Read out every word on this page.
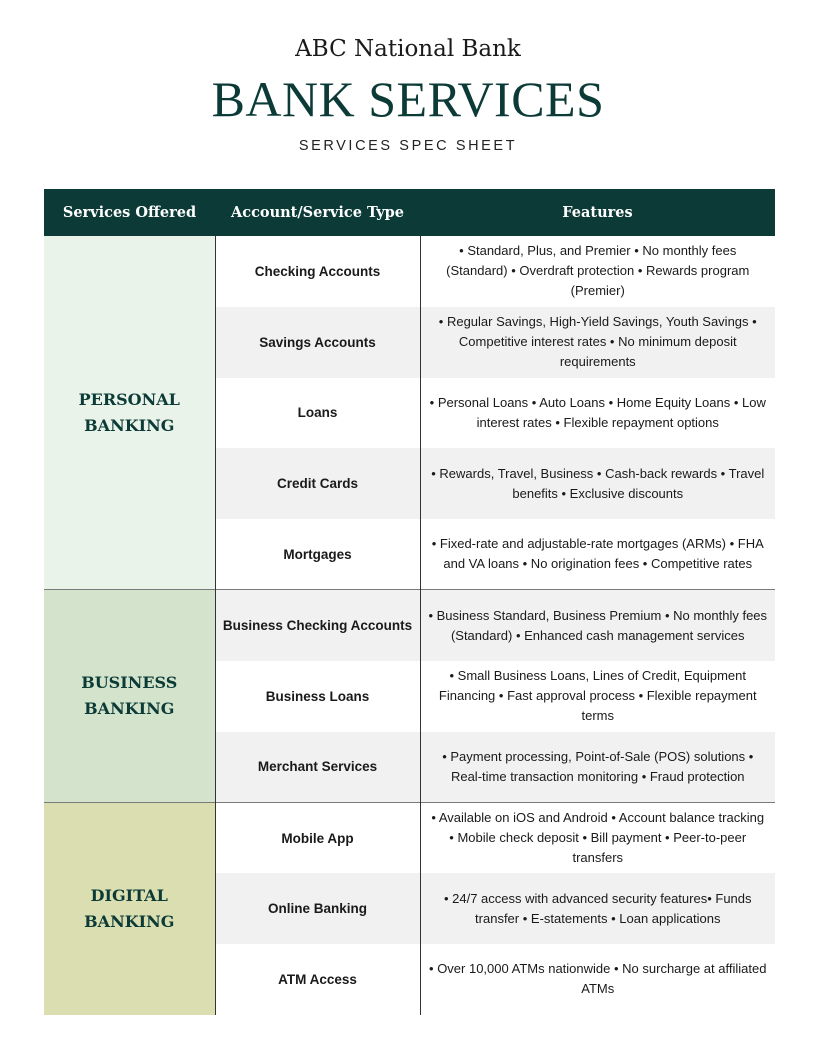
ABC National Bank
BANK SERVICES
SERVICES SPEC SHEET
Services Offered	Account/Service Type	Features

PERSONAL
BANKING	Checking Accounts	• Standard, Plus, and Premier • No monthly fees (Standard) • Overdraft protection • Rewards program (Premier)
	Savings Accounts	• Regular Savings, High-Yield Savings, Youth Savings • Competitive interest rates • No minimum deposit requirements
	Loans	• Personal Loans • Auto Loans • Home Equity Loans • Low interest rates • Flexible repayment options
	Credit Cards	• Rewards, Travel, Business • Cash-back rewards • Travel benefits • Exclusive discounts
	Mortgages	• Fixed-rate and adjustable-rate mortgages (ARMs) • FHA and VA loans • No origination fees • Competitive rates

BUSINESS
BANKING	Business Checking Accounts	• Business Standard, Business Premium • No monthly fees (Standard) • Enhanced cash management services
	Business Loans	• Small Business Loans, Lines of Credit, Equipment Financing • Fast approval process • Flexible repayment terms
	Merchant Services	• Payment processing, Point-of-Sale (POS) solutions • Real-time transaction monitoring • Fraud protection

DIGITAL
BANKING	Mobile App	• Available on iOS and Android • Account balance tracking • Mobile check deposit • Bill payment • Peer-to-peer transfers
	Online Banking	• 24/7 access with advanced security features• Funds transfer • E-statements • Loan applications
	ATM Access	• Over 10,000 ATMs nationwide • No surcharge at affiliated ATMs
